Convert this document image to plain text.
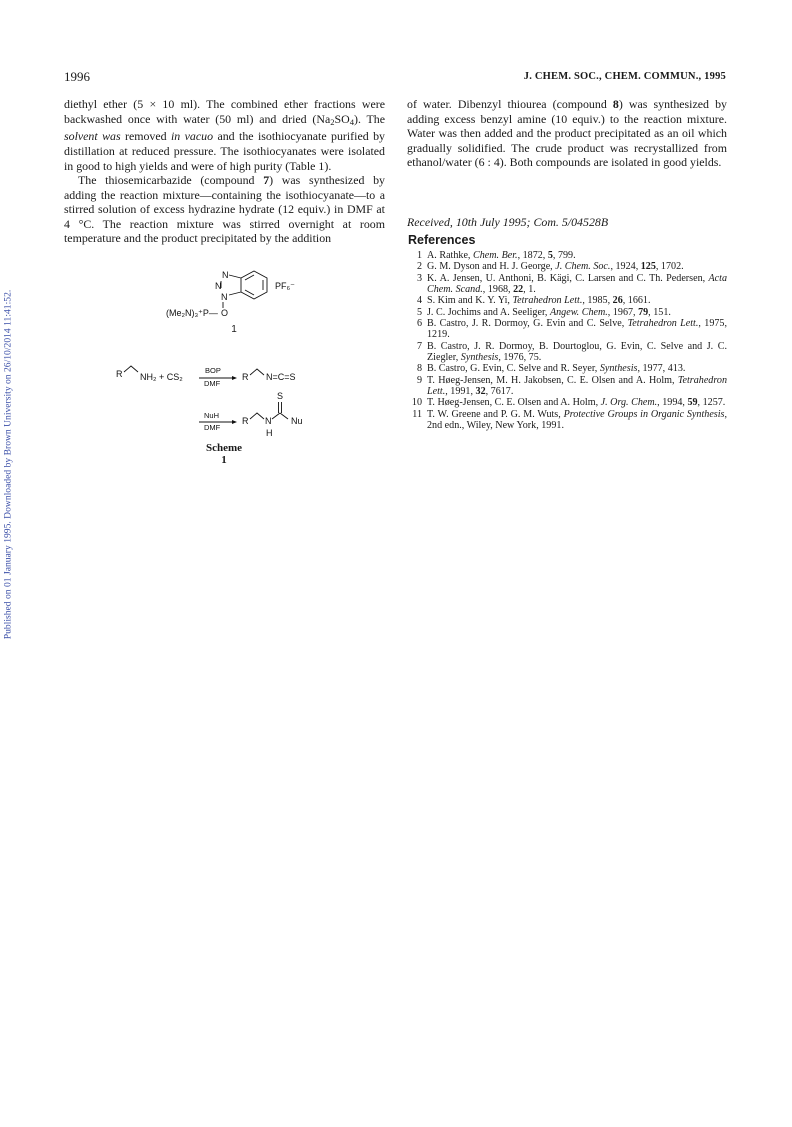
Published on 01 January 1995. Downloaded by Brown University on 26/10/2014 11:41:52.
1996	J. CHEM. SOC., CHEM. COMMUN., 1995

diethyl ether (5 × 10 ml). The combined ether fractions were backwashed once with water (50 ml) and dried $(Na_2SO_4)$. The solvent was removed in vacuo and the isothiocyanate purified by distillation at reduced pressure. The isothiocyanates were isolated in good to high yields and were of high purity (Table 1).

The thiosemicarbazide (compound 7) was synthesized by adding the reaction mixture—containing the isothiocyanate—to a stirred solution of excess hydrazine hydrate (12 equiv.) in DMF at 4 °C. The reaction mixture was stirred overnight at room temperature and the product precipitated by the addition

N
N
N
O
(Me₂N)₃⁺P—
PF₆⁻
R NH₂ + CS₂
BOP
DMF
R N=C=S
NuH
DMF
R N
S
Nu
H
1
Scheme 1

of water. Dibenzyl thiourea (compound 8) was synthesized by adding excess benzyl amine (10 equiv.) to the reaction mixture. Water was then added and the product precipitated as an oil which gradually solidified. The crude product was recrystallized from ethanol/water (6 : 4). Both compounds are isolated in good yields.

Received, 10th July 1995; Com. 5/04528B
References
1 A. Rathke, Chem. Ber., 1872, 5, 799.
2 G. M. Dyson and H. J. George, J. Chem. Soc., 1924, 125, 1702.
3 K. A. Jensen, U. Anthoni, B. Kägi, C. Larsen and C. Th. Pedersen, Acta Chem. Scand., 1968, 22, 1.
4 S. Kim and K. Y. Yi, Tetrahedron Lett., 1985, 26, 1661.
5 J. C. Jochims and A. Seeliger, Angew. Chem., 1967, 79, 151.
6 B. Castro, J. R. Dormoy, G. Evin and C. Selve, Tetrahedron Lett., 1975, 1219.
7 B. Castro, J. R. Dormoy, B. Dourtoglou, G. Evin, C. Selve and J. C. Ziegler, Synthesis, 1976, 75.
8 B. Castro, G. Evin, C. Selve and R. Seyer, Synthesis, 1977, 413.
9 T. Høeg-Jensen, M. H. Jakobsen, C. E. Olsen and A. Holm, Tetrahedron Lett., 1991, 32, 7617.
10 T. Høeg-Jensen, C. E. Olsen and A. Holm, J. Org. Chem., 1994, 59, 1257.
11 T. W. Greene and P. G. M. Wuts, Protective Groups in Organic Synthesis, 2nd edn., Wiley, New York, 1991.
